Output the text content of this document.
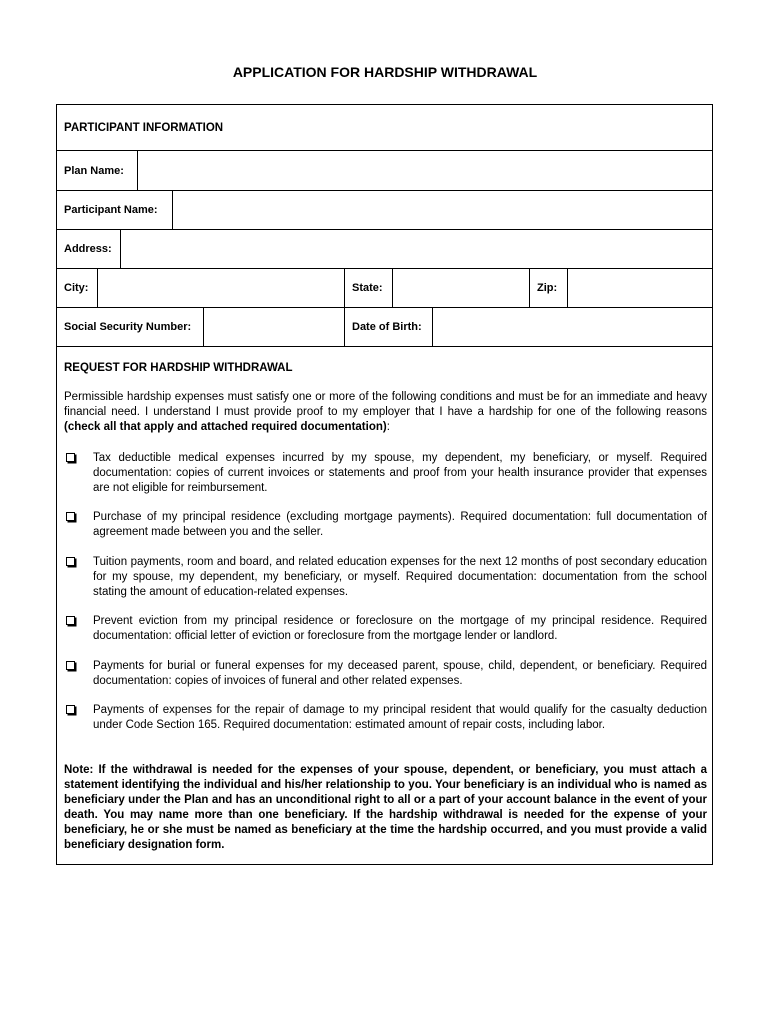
APPLICATION FOR HARDSHIP WITHDRAWAL
PARTICIPANT INFORMATION
Plan Name:
Participant Name:
Address:
City:	State:	Zip:
Social Security Number:	Date of Birth:
REQUEST FOR HARDSHIP WITHDRAWAL
Permissible hardship expenses must satisfy one or more of the following conditions and must be for an immediate and heavy financial need. I understand I must provide proof to my employer that I have a hardship for one of the following reasons (check all that apply and attached required documentation):
Tax deductible medical expenses incurred by my spouse, my dependent, my beneficiary, or myself. Required documentation: copies of current invoices or statements and proof from your health insurance provider that expenses are not eligible for reimbursement.
Purchase of my principal residence (excluding mortgage payments). Required documentation: full documentation of agreement made between you and the seller.
Tuition payments, room and board, and related education expenses for the next 12 months of post secondary education for my spouse, my dependent, my beneficiary, or myself. Required documentation: documentation from the school stating the amount of education-related expenses.
Prevent eviction from my principal residence or foreclosure on the mortgage of my principal residence. Required documentation: official letter of eviction or foreclosure from the mortgage lender or landlord.
Payments for burial or funeral expenses for my deceased parent, spouse, child, dependent, or beneficiary. Required documentation: copies of invoices of funeral and other related expenses.
Payments of expenses for the repair of damage to my principal resident that would qualify for the casualty deduction under Code Section 165. Required documentation: estimated amount of repair costs, including labor.
Note: If the withdrawal is needed for the expenses of your spouse, dependent, or beneficiary, you must attach a statement identifying the individual and his/her relationship to you. Your beneficiary is an individual who is named as beneficiary under the Plan and has an unconditional right to all or a part of your account balance in the event of your death. You may name more than one beneficiary. If the hardship withdrawal is needed for the expense of your beneficiary, he or she must be named as beneficiary at the time the hardship occurred, and you must provide a valid beneficiary designation form.
